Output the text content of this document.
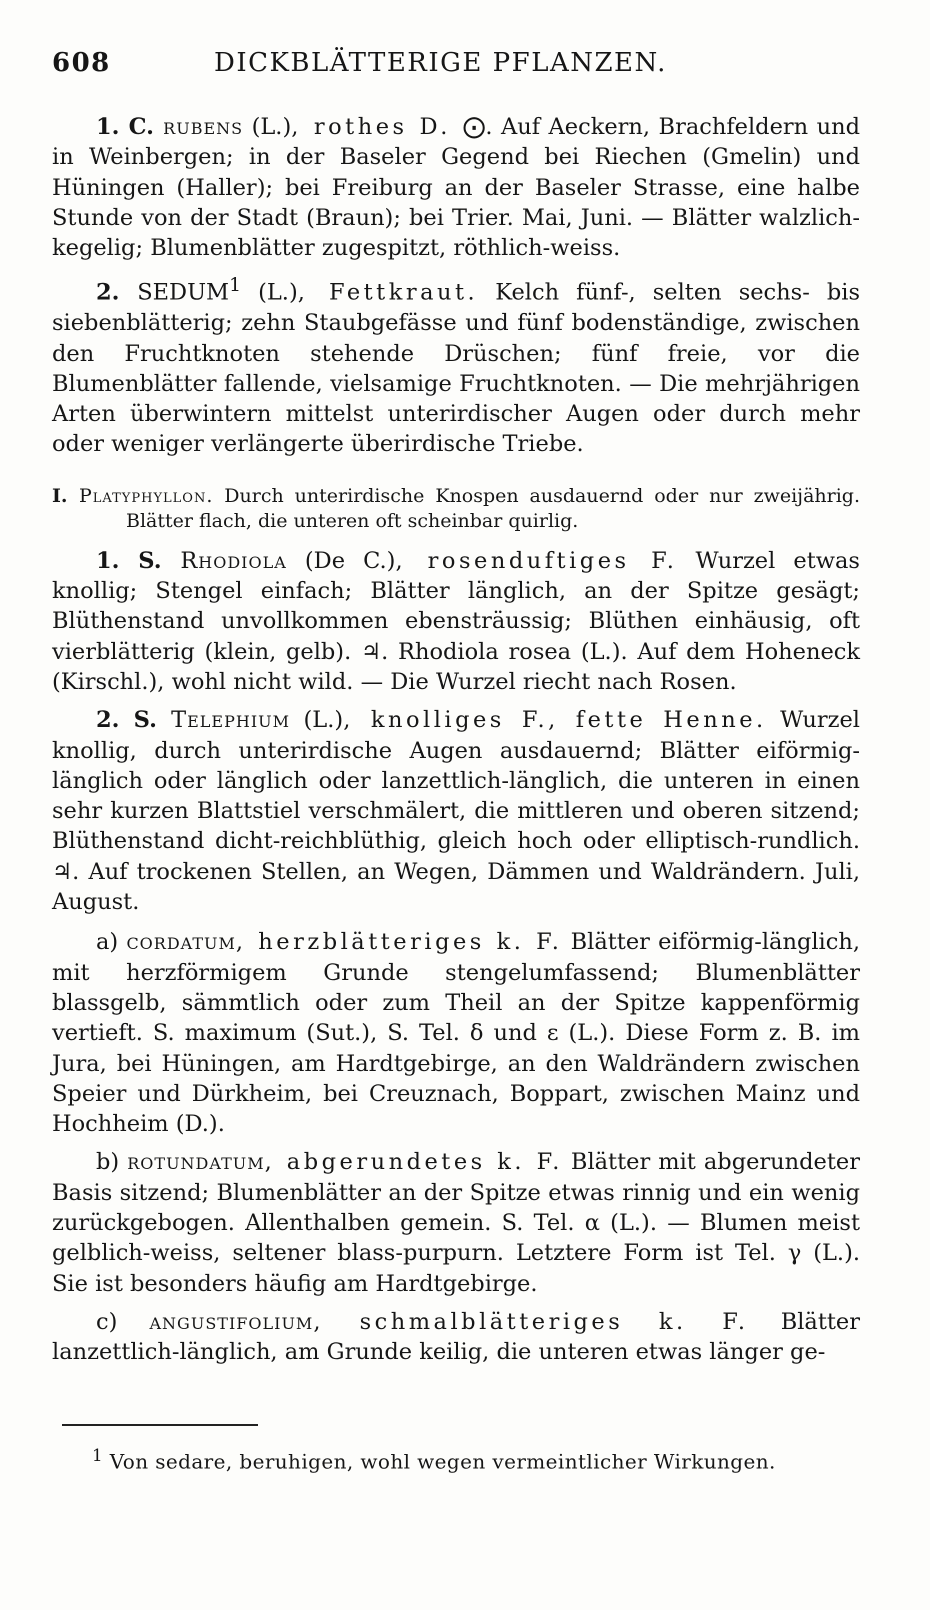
608	DICKBLÄTTERIGE PFLANZEN.

1. C. rubens (L.), rothes D. ⨀. Auf Aeckern, Brachfeldern und in Weinbergen; in der Baseler Gegend bei Riechen (Gmelin) und Hüningen (Haller); bei Freiburg an der Baseler Strasse, eine halbe Stunde von der Stadt (Braun); bei Trier. Mai, Juni. — Blätter walzlich-kegelig; Blumenblätter zugespitzt, röthlich-weiss.

2. SEDUM$^1$ (L.), Fettkraut. Kelch fünf-, selten sechs- bis siebenblätterig; zehn Staubgefässe und fünf bodenständige, zwischen den Fruchtknoten stehende Drüschen; fünf freie, vor die Blumenblätter fallende, vielsamige Fruchtknoten. — Die mehrjährigen Arten überwintern mittelst unterirdischer Augen oder durch mehr oder weniger verlängerte überirdische Triebe.

I. Platyphyllon. Durch unterirdische Knospen ausdauernd oder nur zweijährig. Blätter flach, die unteren oft scheinbar quirlig.

1. S. Rhodiola (De C.), rosenduftiges F. Wurzel etwas knollig; Stengel einfach; Blätter länglich, an der Spitze gesägt; Blüthenstand unvollkommen ebensträussig; Blüthen einhäusig, oft vierblätterig (klein, gelb). ♃. Rhodiola rosea (L.). Auf dem Hoheneck (Kirschl.), wohl nicht wild. — Die Wurzel riecht nach Rosen.

2. S. Telephium (L.), knolliges F., fette Henne. Wurzel knollig, durch unterirdische Augen ausdauernd; Blätter eiförmig-länglich oder länglich oder lanzettlich-länglich, die unteren in einen sehr kurzen Blattstiel verschmälert, die mittleren und oberen sitzend; Blüthenstand dicht-reichblüthig, gleich hoch oder elliptisch-rundlich. ♃. Auf trockenen Stellen, an Wegen, Dämmen und Waldrändern. Juli, August.

a) cordatum, herzblätteriges k. F. Blätter eiförmig-länglich, mit herzförmigem Grunde stengelumfassend; Blumenblätter blassgelb, sämmtlich oder zum Theil an der Spitze kappenförmig vertieft. S. maximum (Sut.), S. Tel. δ und ε (L.). Diese Form z. B. im Jura, bei Hüningen, am Hardtgebirge, an den Waldrändern zwischen Speier und Dürkheim, bei Creuznach, Boppart, zwischen Mainz und Hochheim (D.).

b) rotundatum, abgerundetes k. F. Blätter mit abgerundeter Basis sitzend; Blumenblätter an der Spitze etwas rinnig und ein wenig zurückgebogen. Allenthalben gemein. S. Tel. α (L.). — Blumen meist gelblich-weiss, seltener blass-purpurn. Letztere Form ist Tel. γ (L.). Sie ist besonders häufig am Hardtgebirge.

c) angustifolium, schmalblätteriges k. F. Blätter lanzettlich-länglich, am Grunde keilig, die unteren etwas länger ge-

$^1$ Von sedare, beruhigen, wohl wegen vermeintlicher Wirkungen.
